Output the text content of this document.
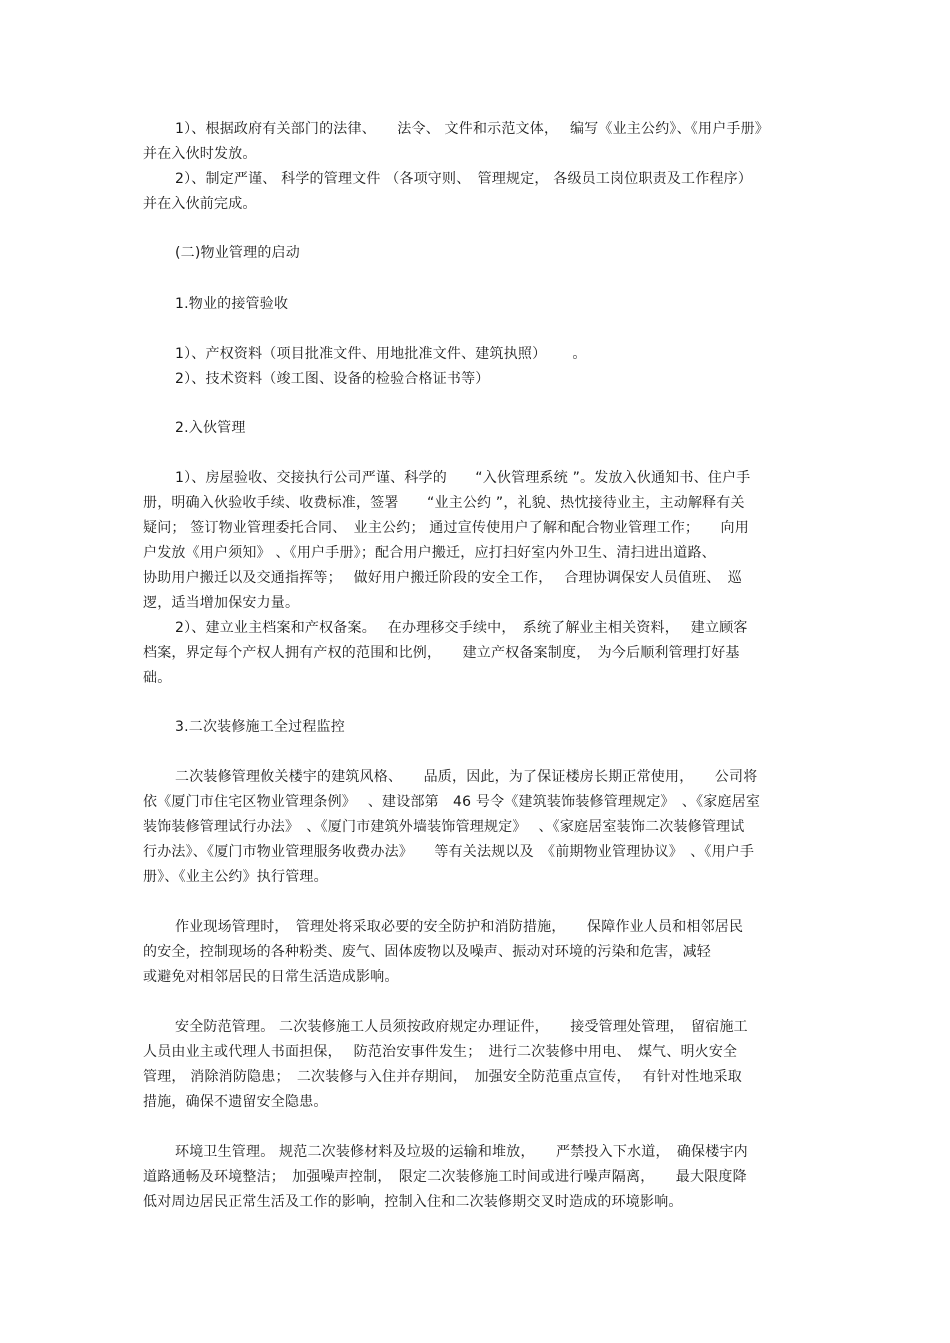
1）、根据政府有关部门的法律、　　法令、 文件和示范文体，　 编写《业主公约》、《用户手册》
并在入伙时发放。
2）、制定严谨、 科学的管理文件 （各项守则、　管理规定， 各级员工岗位职责及工作程序）
并在入伙前完成。
(二)物业管理的启动
1.物业的接管验收
1）、产权资料（项目批准文件、用地批准文件、建筑执照）　　 。
2）、技术资料（竣工图、设备的检验合格证书等）
2.入伙管理
1）、房屋验收、交接执行公司严谨、科学的　　“入伙管理系统 ”。发放入伙通知书、住户手
册，明确入伙验收手续、收费标准，签署　　“业主公约 ”，礼貌、热忱接待业主，主动解释有关
疑问； 签订物业管理委托合同、　业主公约； 通过宣传使用户了解和配合物业管理工作；　　向用
户发放《用户须知》 、《用户手册》；配合用户搬迁，应打扫好室内外卫生、清扫进出道路、
协助用户搬迁以及交通指挥等；　 做好用户搬迁阶段的安全工作，　 合理协调保安人员值班、　巡
逻，适当增加保安力量。
2）、建立业主档案和产权备案。　 在办理移交手续中，　系统了解业主相关资料，　 建立顾客
档案，界定每个产权人拥有产权的范围和比例，　　建立产权备案制度，　为今后顺利管理打好基
础。
3.二次装修施工全过程监控
二次装修管理攸关楼宇的建筑风格、　　品质，因此，为了保证楼房长期正常使用，　　公司将
依《厦门市住宅区物业管理条例》　 、建设部第　46 号令《建筑装饰装修管理规定》　、《家庭居室
装饰装修管理试行办法》　、《厦门市建筑外墙装饰管理规定》　 、《家庭居室装饰二次装修管理试
行办法》、《厦门市物业管理服务收费办法》　　等有关法规以及　《前期物业管理协议》　、《用户手
册》、《业主公约》执行管理。
作业现场管理时，　管理处将采取必要的安全防护和消防措施，　　保障作业人员和相邻居民
的安全，控制现场的各种粉类、废气、固体废物以及噪声、振动对环境的污染和危害，减轻
或避免对相邻居民的日常生活造成影响。
安全防范管理。 二次装修施工人员须按政府规定办理证件，　　接受管理处管理，　留宿施工
人员由业主或代理人书面担保，　 防范治安事件发生；　进行二次装修中用电、　煤气、明火安全
管理， 消除消防隐患；　二次装修与入住并存期间，　加强安全防范重点宣传，　 有针对性地采取
措施，确保不遗留安全隐患。
环境卫生管理。 规范二次装修材料及垃圾的运输和堆放，　　严禁投入下水道，　确保楼宇内
道路通畅及环境整洁；　加强噪声控制，　限定二次装修施工时间或进行噪声隔离，　　最大限度降
低对周边居民正常生活及工作的影响，控制入住和二次装修期交叉时造成的环境影响。
